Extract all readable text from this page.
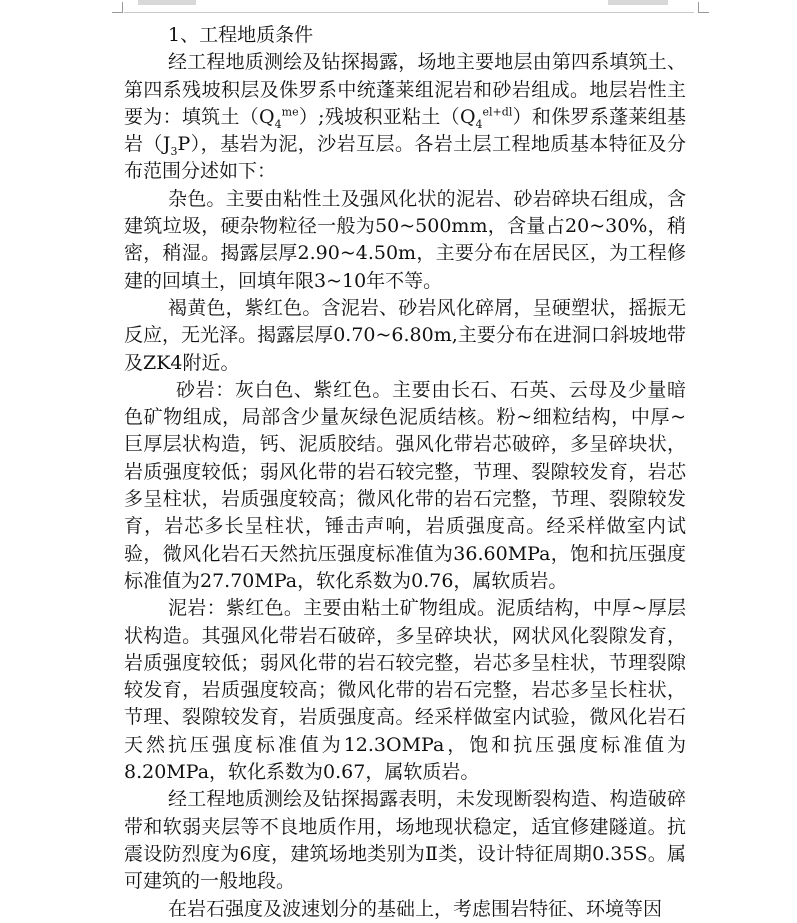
1、工程地质条件

经工程地质测绘及钻探揭露，场地主要地层由第四系填筑土、第四系残坡积层及侏罗系中统蓬莱组泥岩和砂岩组成。地层岩性主要为：填筑土$(Q_4^{me})$;残坡积亚粘土$(Q_4^{el+dl})$和侏罗系蓬莱组基岩$(J_3P)$，基岩为泥，沙岩互层。各岩土层工程地质基本特征及分布范围分述如下：

杂色。主要由粘性土及强风化状的泥岩、砂岩碎块石组成，含建筑垃圾，硬杂物粒径一般为50~500mm，含量占20~30%，稍密，稍湿。揭露层厚2.90~4.50m，主要分布在居民区，为工程修建的回填土，回填年限3~10年不等。

褐黄色，紫红色。含泥岩、砂岩风化碎屑，呈硬塑状，摇振无反应，无光泽。揭露层厚0.70~6.80m,主要分布在进洞口斜坡地带及ZK4附近。

砂岩：灰白色、紫红色。主要由长石、石英、云母及少量暗色矿物组成，局部含少量灰绿色泥质结核。粉~细粒结构，中厚~巨厚层状构造，钙、泥质胶结。强风化带岩芯破碎，多呈碎块状，岩质强度较低；弱风化带的岩石较完整，节理、裂隙较发育，岩芯多呈柱状，岩质强度较高；微风化带的岩石完整，节理、裂隙较发育，岩芯多长呈柱状，锤击声响，岩质强度高。经采样做室内试验，微风化岩石天然抗压强度标准值为36.60MPa，饱和抗压强度标准值为27.70MPa，软化系数为0.76，属软质岩。

泥岩：紫红色。主要由粘土矿物组成。泥质结构，中厚~厚层状构造。其强风化带岩石破碎，多呈碎块状，网状风化裂隙发育，岩质强度较低；弱风化带的岩石较完整，岩芯多呈柱状，节理裂隙较发育，岩质强度较高；微风化带的岩石完整，岩芯多呈长柱状，节理、裂隙较发育，岩质强度高。经采样做室内试验，微风化岩石天然抗压强度标准值为12.3OMPa，饱和抗压强度标准值为8.20MPa，软化系数为0.67，属软质岩。

经工程地质测绘及钻探揭露表明，未发现断裂构造、构造破碎带和软弱夹层等不良地质作用，场地现状稳定，适宜修建隧道。抗震设防烈度为6度，建筑场地类别为Ⅱ类，设计特征周期0.35S。属可建筑的一般地段。

在岩石强度及波速划分的基础上，考虑围岩特征、环境等因
